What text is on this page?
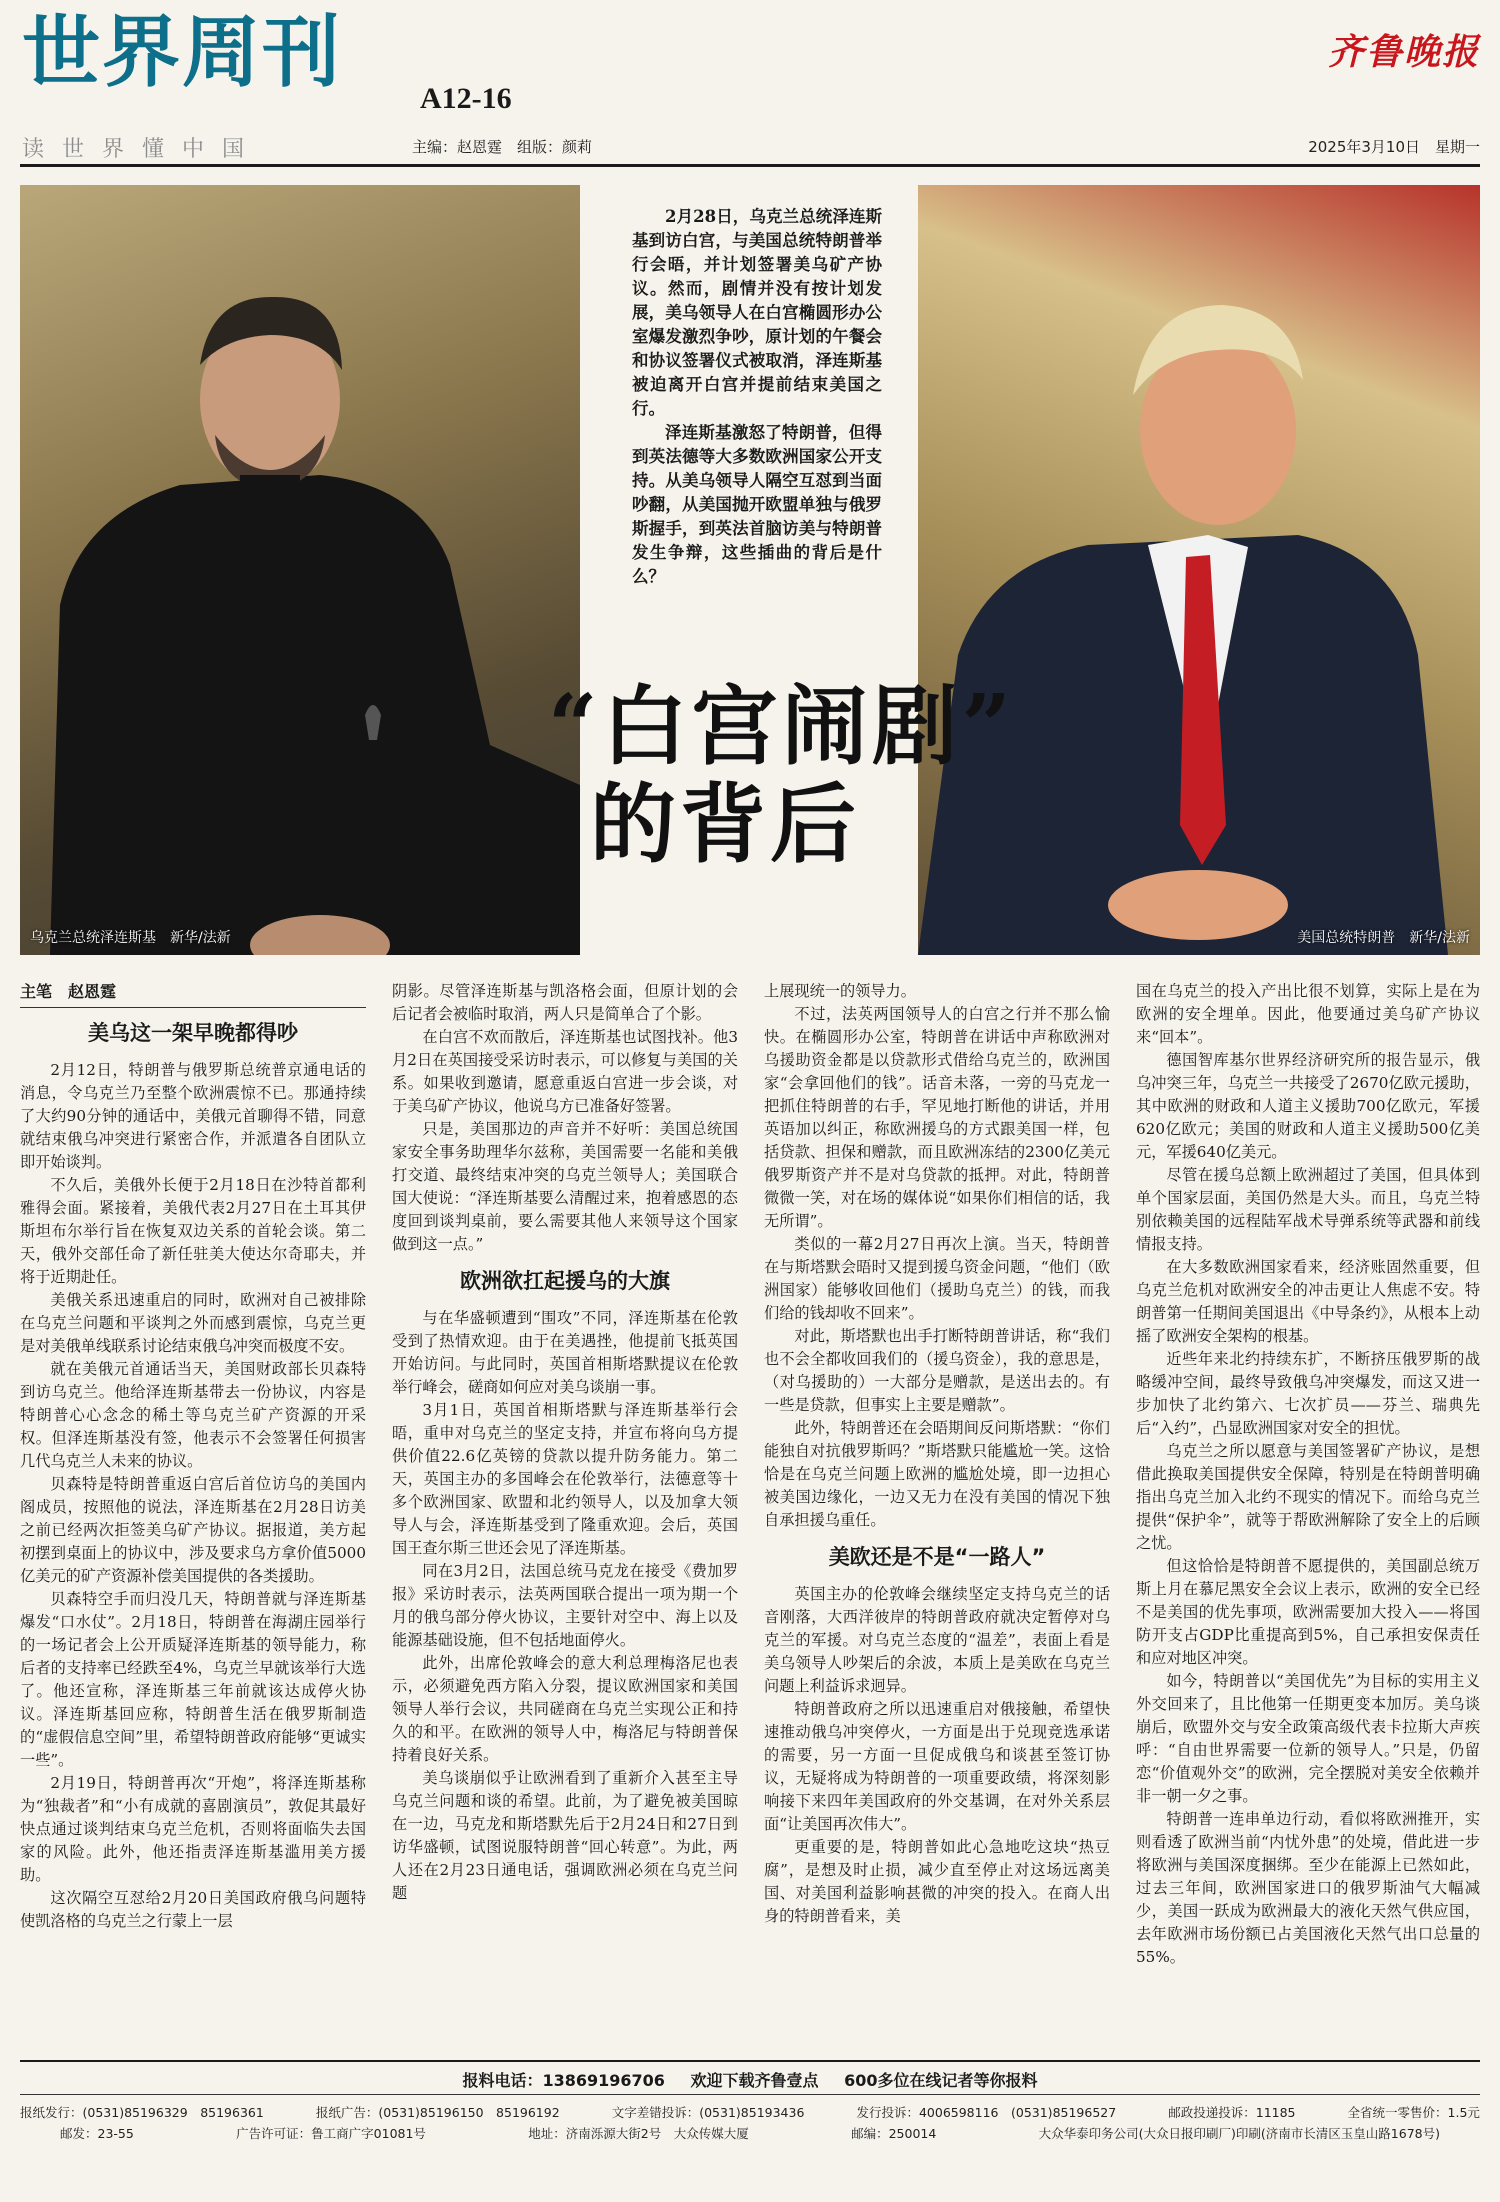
世界周刊
A12-16
读世界懂中国	主编：赵恩霆　组版：颜莉
齐鲁晚报
2025年3月10日　星期一
乌克兰总统泽连斯基　新华/法新	美国总统特朗普　新华/法新

2月28日，乌克兰总统泽连斯基到访白宫，与美国总统特朗普举行会晤，并计划签署美乌矿产协议。然而，剧情并没有按计划发展，美乌领导人在白宫椭圆形办公室爆发激烈争吵，原计划的午餐会和协议签署仪式被取消，泽连斯基被迫离开白宫并提前结束美国之行。

泽连斯基激怒了特朗普，但得到英法德等大多数欧洲国家公开支持。从美乌领导人隔空互怼到当面吵翻，从美国抛开欧盟单独与俄罗斯握手，到英法首脑访美与特朗普发生争辩，这些插曲的背后是什么？

“白宫闹剧”
的背后
主笔　赵恩霆
美乌这一架早晚都得吵

2月12日，特朗普与俄罗斯总统普京通电话的消息，令乌克兰乃至整个欧洲震惊不已。那通持续了大约90分钟的通话中，美俄元首聊得不错，同意就结束俄乌冲突进行紧密合作，并派遣各自团队立即开始谈判。

不久后，美俄外长便于2月18日在沙特首都利雅得会面。紧接着，美俄代表2月27日在土耳其伊斯坦布尔举行旨在恢复双边关系的首轮会谈。第二天，俄外交部任命了新任驻美大使达尔奇耶夫，并将于近期赴任。

美俄关系迅速重启的同时，欧洲对自己被排除在乌克兰问题和平谈判之外而感到震惊，乌克兰更是对美俄单线联系讨论结束俄乌冲突而极度不安。

就在美俄元首通话当天，美国财政部长贝森特到访乌克兰。他给泽连斯基带去一份协议，内容是特朗普心心念念的稀土等乌克兰矿产资源的开采权。但泽连斯基没有签，他表示不会签署任何损害几代乌克兰人未来的协议。

贝森特是特朗普重返白宫后首位访乌的美国内阁成员，按照他的说法，泽连斯基在2月28日访美之前已经两次拒签美乌矿产协议。据报道，美方起初摆到桌面上的协议中，涉及要求乌方拿价值5000亿美元的矿产资源补偿美国提供的各类援助。

贝森特空手而归没几天，特朗普就与泽连斯基爆发“口水仗”。2月18日，特朗普在海湖庄园举行的一场记者会上公开质疑泽连斯基的领导能力，称后者的支持率已经跌至4%，乌克兰早就该举行大选了。他还宣称，泽连斯基三年前就该达成停火协议。泽连斯基回应称，特朗普生活在俄罗斯制造的“虚假信息空间”里，希望特朗普政府能够“更诚实一些”。

2月19日，特朗普再次“开炮”，将泽连斯基称为“独裁者”和“小有成就的喜剧演员”，敦促其最好快点通过谈判结束乌克兰危机，否则将面临失去国家的风险。此外，他还指责泽连斯基滥用美方援助。

这次隔空互怼给2月20日美国政府俄乌问题特使凯洛格的乌克兰之行蒙上一层

阴影。尽管泽连斯基与凯洛格会面，但原计划的会后记者会被临时取消，两人只是简单合了个影。

在白宫不欢而散后，泽连斯基也试图找补。他3月2日在英国接受采访时表示，可以修复与美国的关系。如果收到邀请，愿意重返白宫进一步会谈，对于美乌矿产协议，他说乌方已准备好签署。

只是，美国那边的声音并不好听：美国总统国家安全事务助理华尔兹称，美国需要一名能和美俄打交道、最终结束冲突的乌克兰领导人；美国联合国大使说：“泽连斯基要么清醒过来，抱着感恩的态度回到谈判桌前，要么需要其他人来领导这个国家做到这一点。”

欧洲欲扛起援乌的大旗

与在华盛顿遭到“围攻”不同，泽连斯基在伦敦受到了热情欢迎。由于在美遇挫，他提前飞抵英国开始访问。与此同时，英国首相斯塔默提议在伦敦举行峰会，磋商如何应对美乌谈崩一事。

3月1日，英国首相斯塔默与泽连斯基举行会晤，重申对乌克兰的坚定支持，并宣布将向乌方提供价值22.6亿英镑的贷款以提升防务能力。第二天，英国主办的多国峰会在伦敦举行，法德意等十多个欧洲国家、欧盟和北约领导人，以及加拿大领导人与会，泽连斯基受到了隆重欢迎。会后，英国国王查尔斯三世还会见了泽连斯基。

同在3月2日，法国总统马克龙在接受《费加罗报》采访时表示，法英两国联合提出一项为期一个月的俄乌部分停火协议，主要针对空中、海上以及能源基础设施，但不包括地面停火。

此外，出席伦敦峰会的意大利总理梅洛尼也表示，必须避免西方陷入分裂，提议欧洲国家和美国领导人举行会议，共同磋商在乌克兰实现公正和持久的和平。在欧洲的领导人中，梅洛尼与特朗普保持着良好关系。

美乌谈崩似乎让欧洲看到了重新介入甚至主导乌克兰问题和谈的希望。此前，为了避免被美国晾在一边，马克龙和斯塔默先后于2月24日和27日到访华盛顿，试图说服特朗普“回心转意”。为此，两人还在2月23日通电话，强调欧洲必须在乌克兰问题

上展现统一的领导力。

不过，法英两国领导人的白宫之行并不那么愉快。在椭圆形办公室，特朗普在讲话中声称欧洲对乌援助资金都是以贷款形式借给乌克兰的，欧洲国家“会拿回他们的钱”。话音未落，一旁的马克龙一把抓住特朗普的右手，罕见地打断他的讲话，并用英语加以纠正，称欧洲援乌的方式跟美国一样，包括贷款、担保和赠款，而且欧洲冻结的2300亿美元俄罗斯资产并不是对乌贷款的抵押。对此，特朗普微微一笑，对在场的媒体说“如果你们相信的话，我无所谓”。

类似的一幕2月27日再次上演。当天，特朗普在与斯塔默会晤时又提到援乌资金问题，“他们（欧洲国家）能够收回他们（援助乌克兰）的钱，而我们给的钱却收不回来”。

对此，斯塔默也出手打断特朗普讲话，称“我们也不会全都收回我们的（援乌资金），我的意思是，（对乌援助的）一大部分是赠款，是送出去的。有一些是贷款，但事实上主要是赠款”。

此外，特朗普还在会晤期间反问斯塔默：“你们能独自对抗俄罗斯吗？”斯塔默只能尴尬一笑。这恰恰是在乌克兰问题上欧洲的尴尬处境，即一边担心被美国边缘化，一边又无力在没有美国的情况下独自承担援乌重任。

美欧还是不是“一路人”

英国主办的伦敦峰会继续坚定支持乌克兰的话音刚落，大西洋彼岸的特朗普政府就决定暂停对乌克兰的军援。对乌克兰态度的“温差”，表面上看是美乌领导人吵架后的余波，本质上是美欧在乌克兰问题上利益诉求迥异。

特朗普政府之所以迅速重启对俄接触，希望快速推动俄乌冲突停火，一方面是出于兑现竞选承诺的需要，另一方面一旦促成俄乌和谈甚至签订协议，无疑将成为特朗普的一项重要政绩，将深刻影响接下来四年美国政府的外交基调，在对外关系层面“让美国再次伟大”。

更重要的是，特朗普如此心急地吃这块“热豆腐”，是想及时止损，减少直至停止对这场远离美国、对美国利益影响甚微的冲突的投入。在商人出身的特朗普看来，美

国在乌克兰的投入产出比很不划算，实际上是在为欧洲的安全埋单。因此，他要通过美乌矿产协议来“回本”。

德国智库基尔世界经济研究所的报告显示，俄乌冲突三年，乌克兰一共接受了2670亿欧元援助，其中欧洲的财政和人道主义援助700亿欧元，军援620亿欧元；美国的财政和人道主义援助500亿美元，军援640亿美元。

尽管在援乌总额上欧洲超过了美国，但具体到单个国家层面，美国仍然是大头。而且，乌克兰特别依赖美国的远程陆军战术导弹系统等武器和前线情报支持。

在大多数欧洲国家看来，经济账固然重要，但乌克兰危机对欧洲安全的冲击更让人焦虑不安。特朗普第一任期间美国退出《中导条约》，从根本上动摇了欧洲安全架构的根基。

近些年来北约持续东扩，不断挤压俄罗斯的战略缓冲空间，最终导致俄乌冲突爆发，而这又进一步加快了北约第六、七次扩员——芬兰、瑞典先后“入约”，凸显欧洲国家对安全的担忧。

乌克兰之所以愿意与美国签署矿产协议，是想借此换取美国提供安全保障，特别是在特朗普明确指出乌克兰加入北约不现实的情况下。而给乌克兰提供“保护伞”，就等于帮欧洲解除了安全上的后顾之忧。

但这恰恰是特朗普不愿提供的，美国副总统万斯上月在慕尼黑安全会议上表示，欧洲的安全已经不是美国的优先事项，欧洲需要加大投入——将国防开支占GDP比重提高到5%，自己承担安保责任和应对地区冲突。

如今，特朗普以“美国优先”为目标的实用主义外交回来了，且比他第一任期更变本加厉。美乌谈崩后，欧盟外交与安全政策高级代表卡拉斯大声疾呼：“自由世界需要一位新的领导人。”只是，仍留恋“价值观外交”的欧洲，完全摆脱对美安全依赖并非一朝一夕之事。

特朗普一连串单边行动，看似将欧洲推开，实则看透了欧洲当前“内忧外患”的处境，借此进一步将欧洲与美国深度捆绑。至少在能源上已然如此，过去三年间，欧洲国家进口的俄罗斯油气大幅减少，美国一跃成为欧洲最大的液化天然气供应国，去年欧洲市场份额已占美国液化天然气出口总量的55%。

报料电话：13869196706 欢迎下载齐鲁壹点 600多位在线记者等你报料
报纸发行：(0531)85196329　85196361	报纸广告：(0531)85196150　85196192	文字差错投诉：(0531)85193436	发行投诉：4006598116　(0531)85196527	邮政投递投诉：11185	全省统一零售价：1.5元
邮发：23-55	广告许可证：鲁工商广字01081号	地址：济南泺源大街2号　大众传媒大厦	邮编：250014	大众华泰印务公司(大众日报印刷厂)印刷(济南市长清区玉皇山路1678号)
